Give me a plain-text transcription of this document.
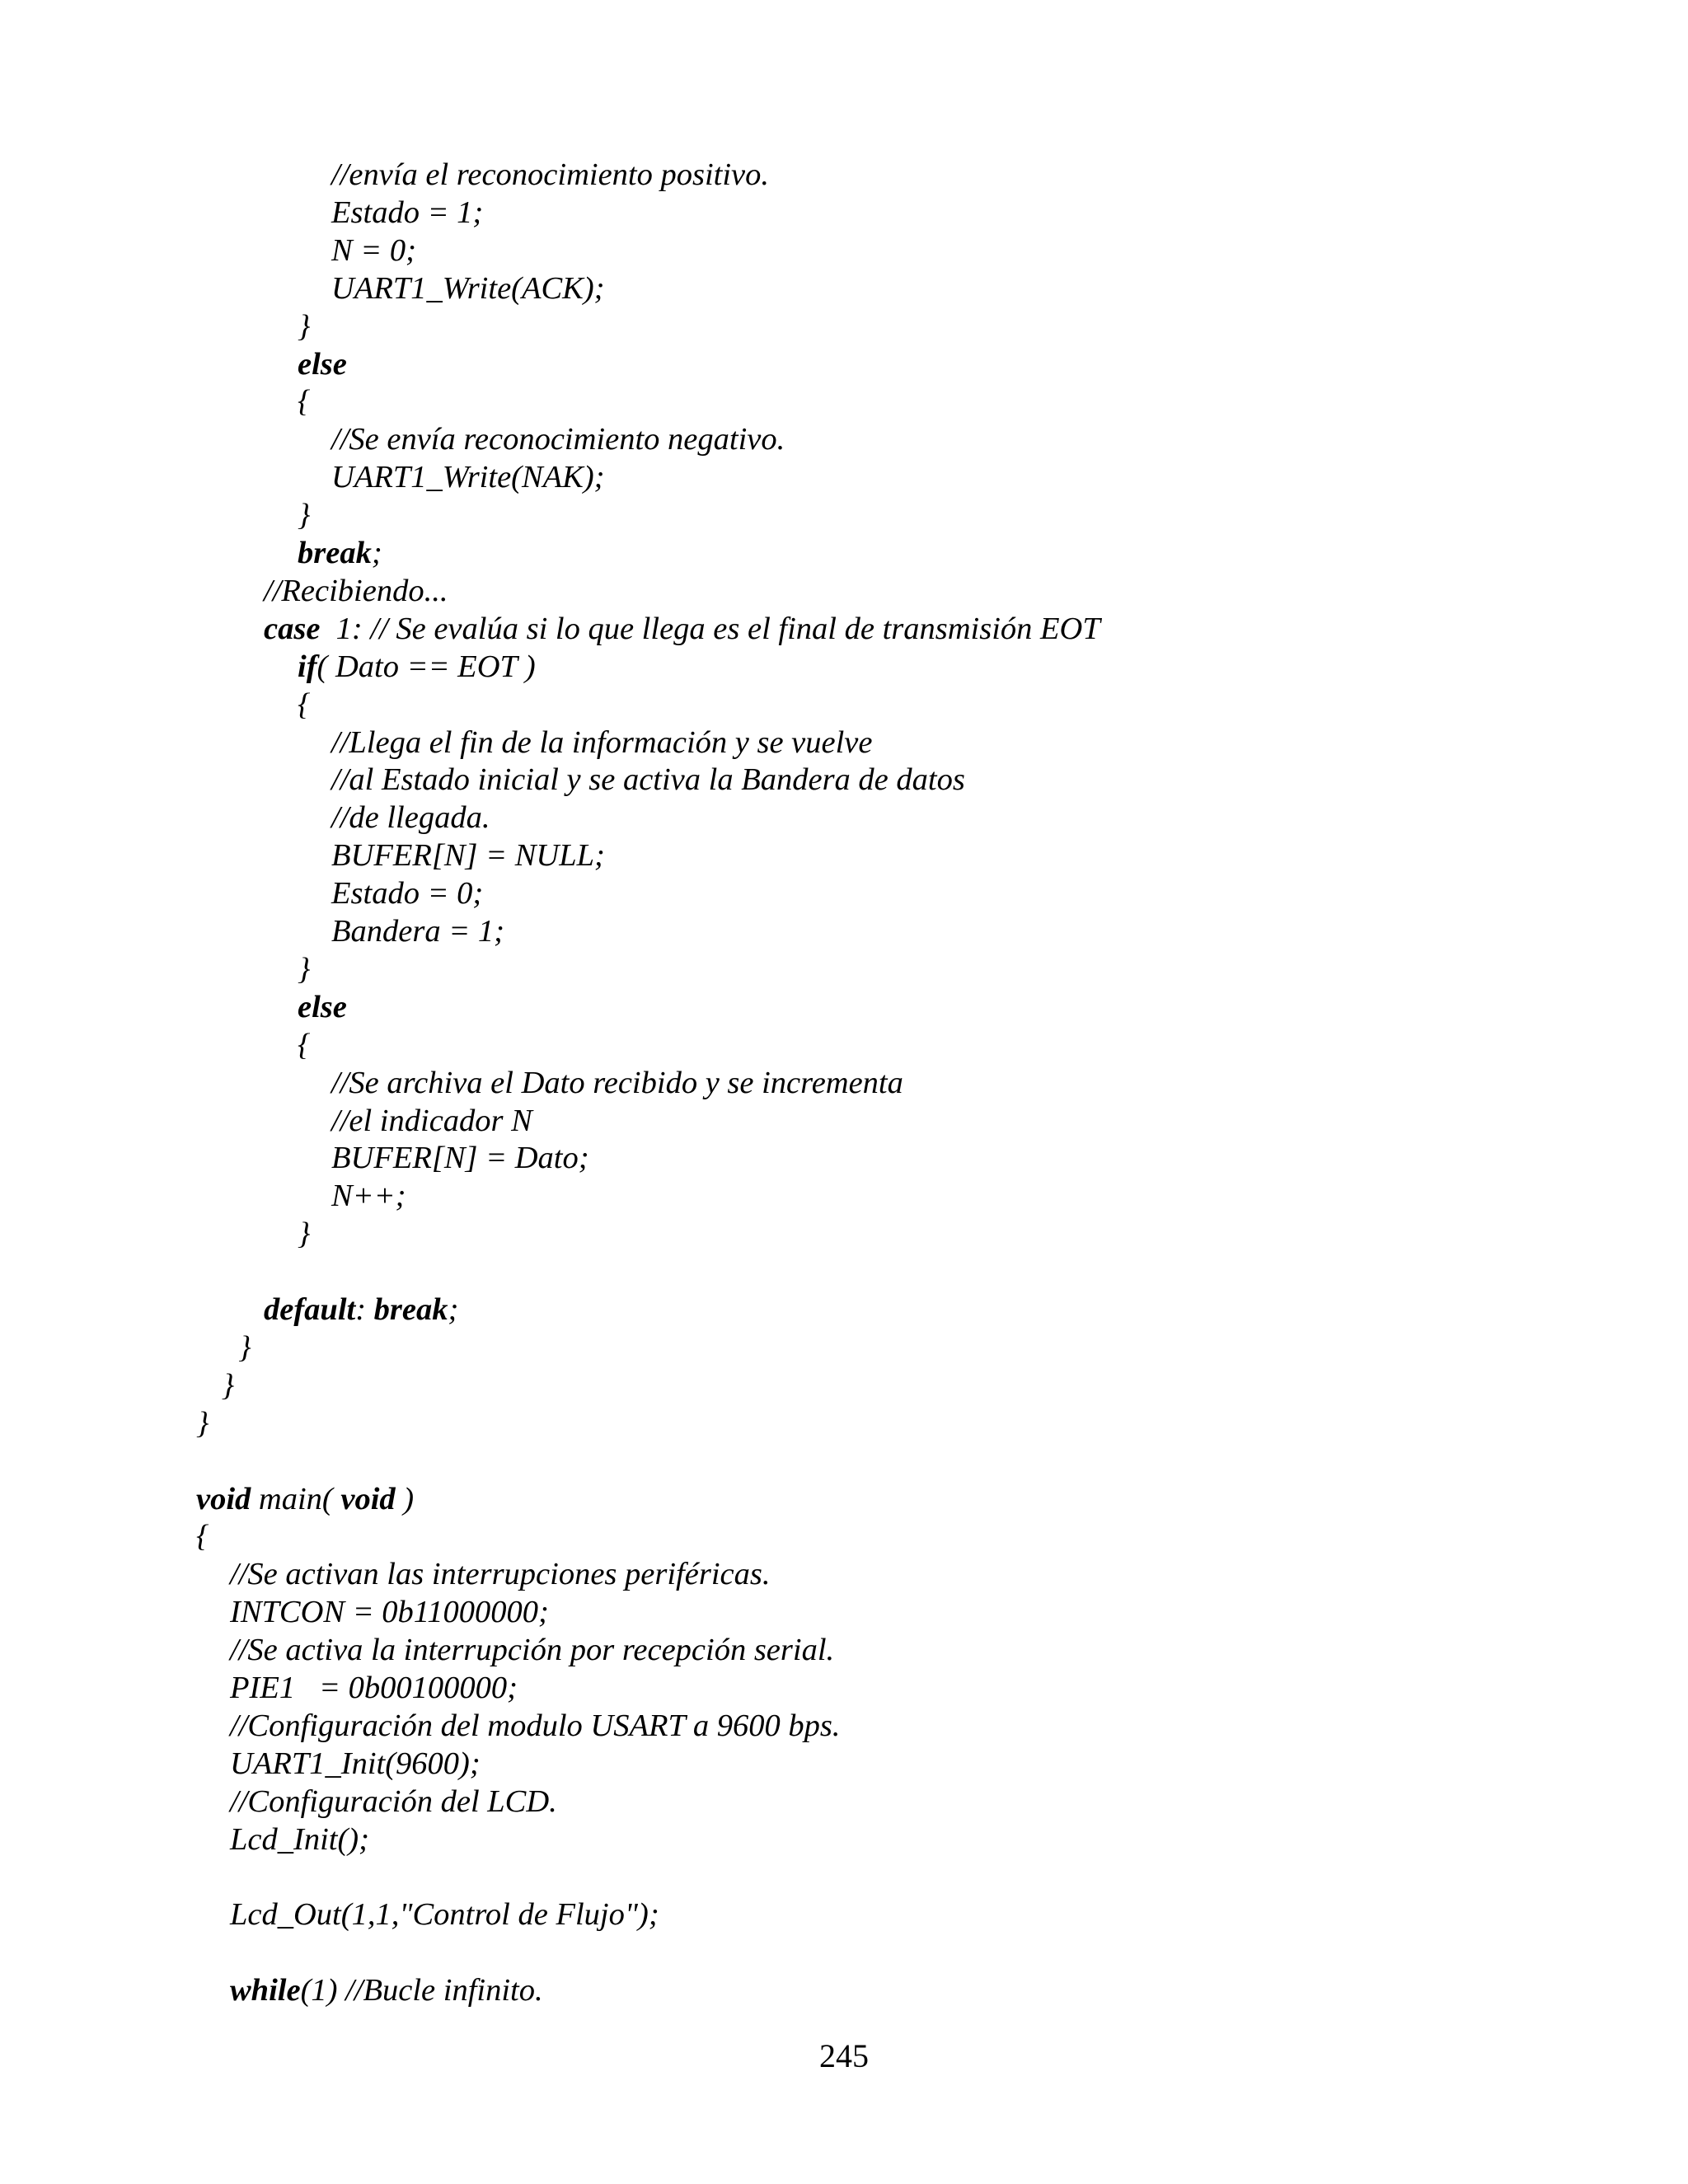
//envía el reconocimiento positivo.
Estado = 1;
N = 0;
UART1_Write(ACK);
}
else
{
//Se envía reconocimiento negativo.
UART1_Write(NAK);
}
break;
//Recibiendo...
case  1: // Se evalúa si lo que llega es el final de transmisión EOT
if( Dato == EOT )
{
//Llega el fin de la información y se vuelve
//al Estado inicial y se activa la Bandera de datos
//de llegada.
BUFER[N] = NULL;
Estado = 0;
Bandera = 1;
}
else
{
//Se archiva el Dato recibido y se incrementa
//el indicador N
BUFER[N] = Dato;
N++;
}
default: break;
}
}
}
void main( void )
{
//Se activan las interrupciones periféricas.
INTCON = 0b11000000;
//Se activa la interrupción por recepción serial.
PIE1   = 0b00100000;
//Configuración del modulo USART a 9600 bps.
UART1_Init(9600);
//Configuración del LCD.
Lcd_Init();
Lcd_Out(1,1,"Control de Flujo");
while(1) //Bucle infinito.
245
